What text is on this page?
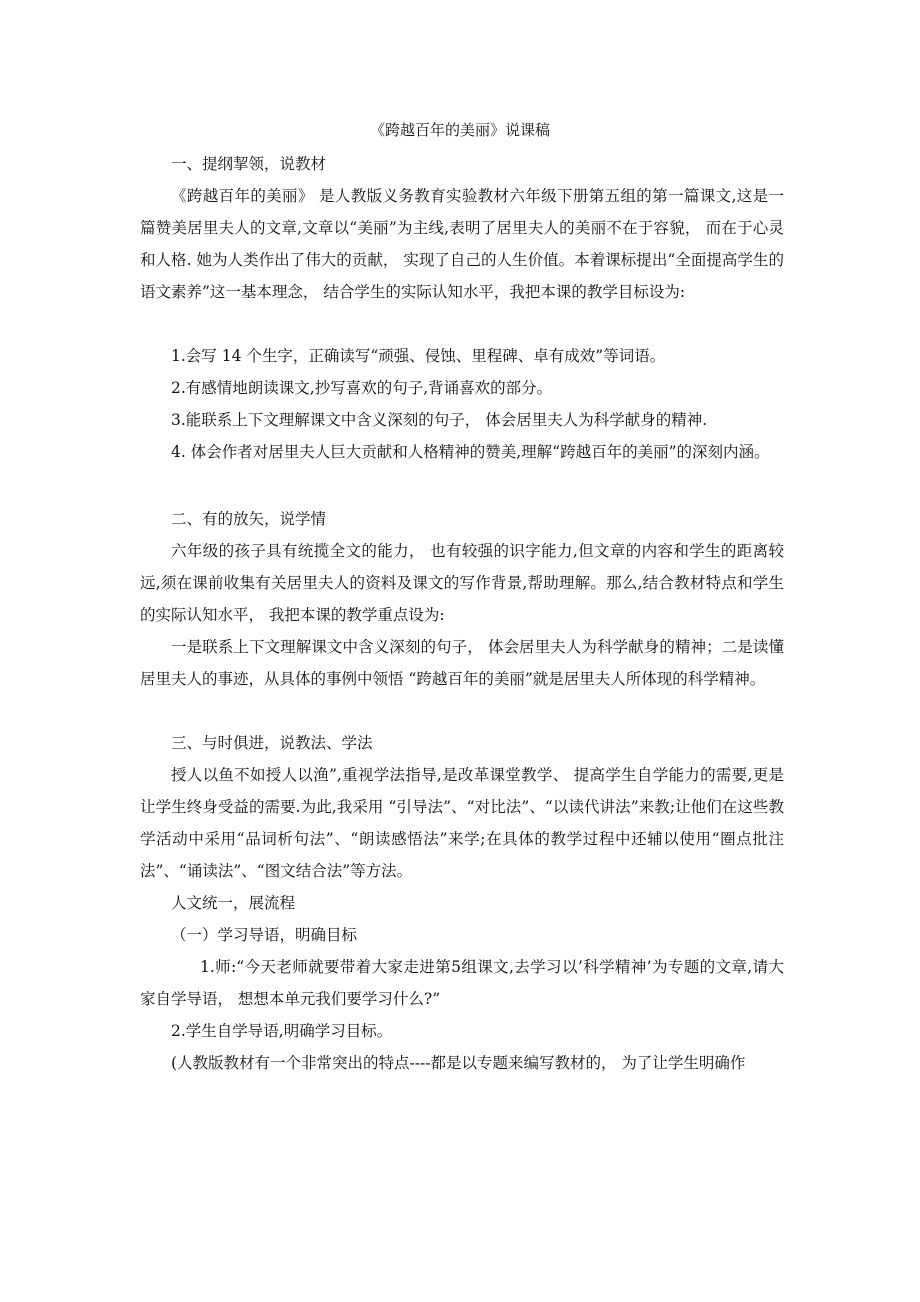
《跨越百年的美丽》说课稿
一、提纲挈领，说教材
《跨越百年的美丽》 是人教版义务教育实验教材六年级下册第五组的第一篇课文,这是一篇赞美居里夫人的文章,文章以“美丽”为主线,表明了居里夫人的美丽不在于容貌， 而在于心灵和人格. 她为人类作出了伟大的贡献， 实现了自己的人生价值。本着课标提出“全面提高学生的语文素养”这一基本理念， 结合学生的实际认知水平，我把本课的教学目标设为:
1.会写 14 个生字，正确读写“顽强、侵蚀、里程碑、卓有成效”等词语。
2.有感情地朗读课文,抄写喜欢的句子,背诵喜欢的部分。
3.能联系上下文理解课文中含义深刻的句子， 体会居里夫人为科学献身的精神.
4. 体会作者对居里夫人巨大贡献和人格精神的赞美,理解“跨越百年的美丽”的深刻内涵。
二、有的放矢，说学情
六年级的孩子具有统揽全文的能力， 也有较强的识字能力,但文章的内容和学生的距离较远,须在课前收集有关居里夫人的资料及课文的写作背景,帮助理解。那么,结合教材特点和学生的实际认知水平， 我把本课的教学重点设为:
一是联系上下文理解课文中含义深刻的句子， 体会居里夫人为科学献身的精神；二是读懂居里夫人的事迹，从具体的事例中领悟 “跨越百年的美丽”就是居里夫人所体现的科学精神。
三、与时俱进，说教法、学法
授人以鱼不如授人以渔”,重视学法指导,是改革课堂教学、 提高学生自学能力的需要,更是让学生终身受益的需要.为此,我采用 “引导法”、“对比法”、“以读代讲法”来教;让他们在这些教学活动中采用“品词析句法”、“朗读感悟法”来学;在具体的教学过程中还辅以使用“圈点批注法”、“诵读法”、“图文结合法”等方法。
人文统一，展流程
（一）学习导语，明确目标
1.师:“今天老师就要带着大家走进第5组课文,去学习以’科学精神’为专题的文章,请大家自学导语， 想想本单元我们要学习什么?”
2.学生自学导语,明确学习目标。
(人教版教材有一个非常突出的特点----都是以专题来编写教材的， 为了让学生明确作
